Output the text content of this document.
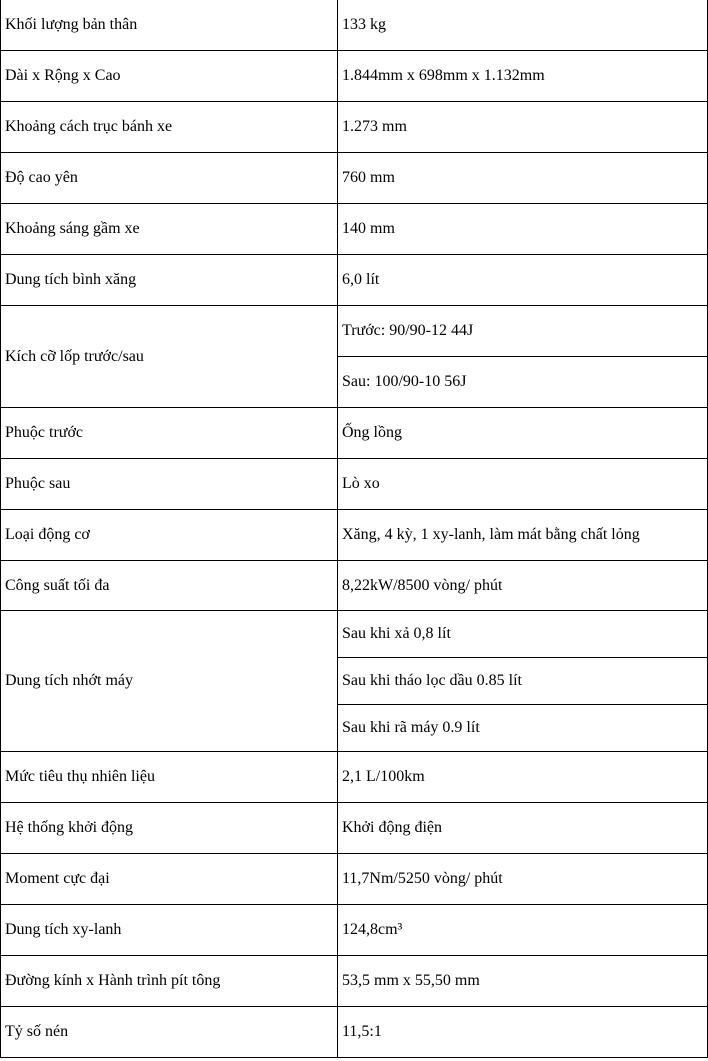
Khối lượng bản thân	133 kg
Dài x Rộng x Cao	1.844mm x 698mm x 1.132mm
Khoảng cách trục bánh xe	1.273 mm
Độ cao yên	760 mm
Khoảng sáng gầm xe	140 mm
Dung tích bình xăng	6,0 lít
Kích cỡ lốp trước/sau	Trước: 90/90-12 44J
	Sau: 100/90-10 56J
Phuộc trước	Ống lồng
Phuộc sau	Lò xo
Loại động cơ	Xăng, 4 kỳ, 1 xy-lanh, làm mát bằng chất lỏng
Công suất tối đa	8,22kW/8500 vòng/ phút
Dung tích nhớt máy	Sau khi xả 0,8 lít
	Sau khi tháo lọc dầu 0.85 lít
	Sau khi rã máy 0.9 lít
Mức tiêu thụ nhiên liệu	2,1 L/100km
Hệ thống khởi động	Khởi động điện
Moment cực đại	11,7Nm/5250 vòng/ phút
Dung tích xy-lanh	124,8cm³
Đường kính x Hành trình pít tông	53,5 mm x 55,50 mm
Tỷ số nén	11,5:1
